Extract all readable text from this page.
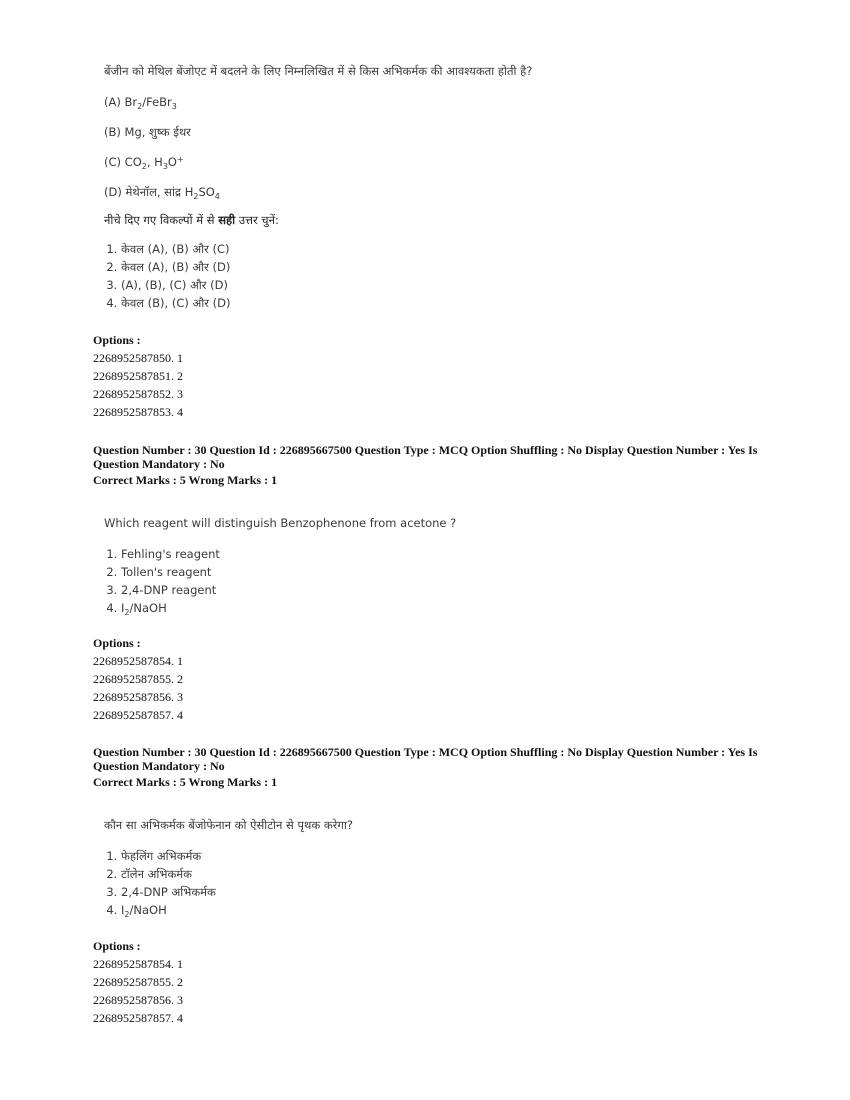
बेंजीन को मेथिल बेंजोएट में बदलने के लिए निम्नलिखित में से किस अभिकर्मक की आवश्यकता होती है?

(A) $Br_2/FeBr_3$

(B) Mg, शुष्क ईथर

(C) $CO_2$, $H_3O^+$

(D) मेथेनॉल, सांद्र $H_2SO_4$

नीचे दिए गए विकल्पों में से सही उत्तर चुनें:

1. केवल (A), (B) और (C)
2. केवल (A), (B) और (D)
3. (A), (B), (C) और (D)
4. केवल (B), (C) और (D)
Options :
2268952587850. 1
2268952587851. 2
2268952587852. 3
2268952587853. 4
Question Number : 30 Question Id : 226895667500 Question Type : MCQ Option Shuffling : No Display Question Number : Yes Is Question Mandatory : No
Correct Marks : 5 Wrong Marks : 1

Which reagent will distinguish Benzophenone from acetone ?

1. Fehling's reagent
2. Tollen's reagent
3. 2,4-DNP reagent
4. $I_2$/NaOH
Options :
2268952587854. 1
2268952587855. 2
2268952587856. 3
2268952587857. 4
Question Number : 30 Question Id : 226895667500 Question Type : MCQ Option Shuffling : No Display Question Number : Yes Is Question Mandatory : No
Correct Marks : 5 Wrong Marks : 1

कौन सा अभिकर्मक बेंजोफेनान को ऐसीटोन से पृथक करेगा?

1. फेहलिंग अभिकर्मक
2. टॉलेन अभिकर्मक
3. 2,4-DNP अभिकर्मक
4. $I_2$/NaOH
Options :
2268952587854. 1
2268952587855. 2
2268952587856. 3
2268952587857. 4
